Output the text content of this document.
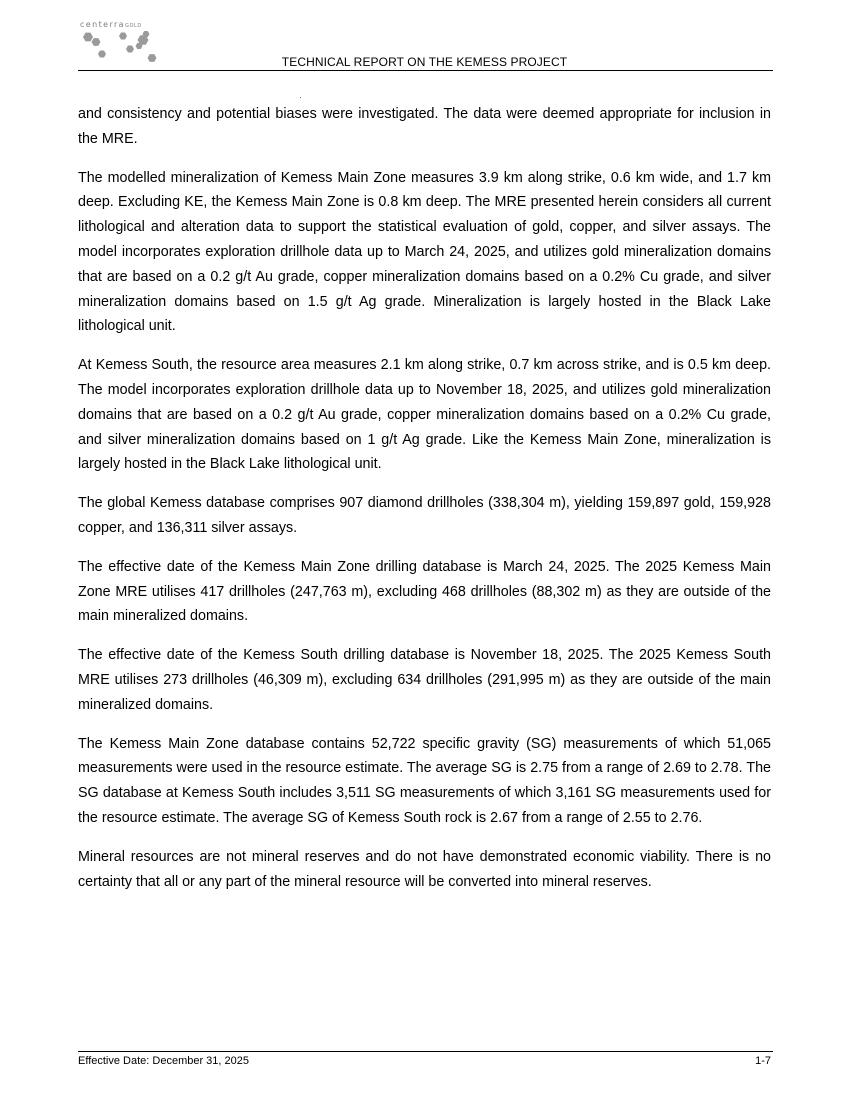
centerraGOLD
TECHNICAL REPORT ON THE KEMESS PROJECT

and consistency and potential biases were investigated. The data were deemed appropriate for inclusion in the MRE.

The modelled mineralization of Kemess Main Zone measures 3.9 km along strike, 0.6 km wide, and 1.7 km deep. Excluding KE, the Kemess Main Zone is 0.8 km deep. The MRE presented herein considers all current lithological and alteration data to support the statistical evaluation of gold, copper, and silver assays. The model incorporates exploration drillhole data up to March 24, 2025, and utilizes gold mineralization domains that are based on a 0.2 g/t Au grade, copper mineralization domains based on a 0.2% Cu grade, and silver mineralization domains based on 1.5 g/t Ag grade. Mineralization is largely hosted in the Black Lake lithological unit.

At Kemess South, the resource area measures 2.1 km along strike, 0.7 km across strike, and is 0.5 km deep. The model incorporates exploration drillhole data up to November 18, 2025, and utilizes gold mineralization domains that are based on a 0.2 g/t Au grade, copper mineralization domains based on a 0.2% Cu grade, and silver mineralization domains based on 1 g/t Ag grade. Like the Kemess Main Zone, mineralization is largely hosted in the Black Lake lithological unit.

The global Kemess database comprises 907 diamond drillholes (338,304 m), yielding 159,897 gold, 159,928 copper, and 136,311 silver assays.

The effective date of the Kemess Main Zone drilling database is March 24, 2025. The 2025 Kemess Main Zone MRE utilises 417 drillholes (247,763 m), excluding 468 drillholes (88,302 m) as they are outside of the main mineralized domains.

The effective date of the Kemess South drilling database is November 18, 2025. The 2025 Kemess South MRE utilises 273 drillholes (46,309 m), excluding 634 drillholes (291,995 m) as they are outside of the main mineralized domains.

The Kemess Main Zone database contains 52,722 specific gravity (SG) measurements of which 51,065 measurements were used in the resource estimate. The average SG is 2.75 from a range of 2.69 to 2.78. The SG database at Kemess South includes 3,511 SG measurements of which 3,161 SG measurements used for the resource estimate. The average SG of Kemess South rock is 2.67 from a range of 2.55 to 2.76.

Mineral resources are not mineral reserves and do not have demonstrated economic viability. There is no certainty that all or any part of the mineral resource will be converted into mineral reserves.

Effective Date: December 31, 2025	1-7
